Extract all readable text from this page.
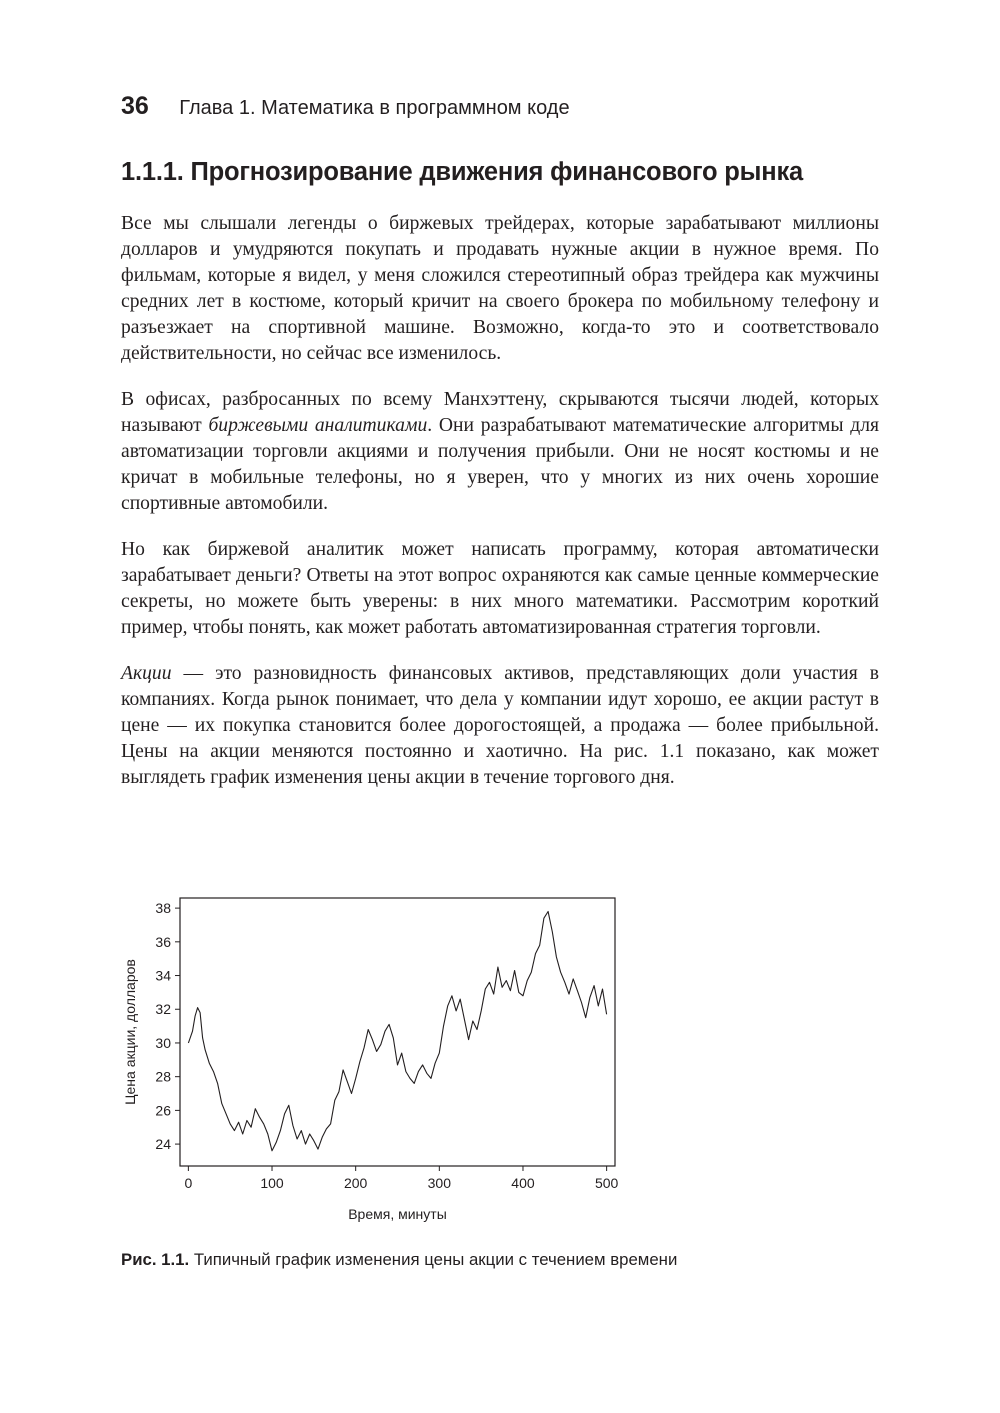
36 Глава 1. Математика в программном коде
1.1.1. Прогнозирование движения финансового рынка

Все мы слышали легенды о биржевых трейдерах, которые зарабатывают миллионы долларов и умудряются покупать и продавать нужные акции в нужное время. По фильмам, которые я видел, у меня сложился стереотипный образ трейдера как мужчины средних лет в костюме, который кричит на своего брокера по мобильному телефону и разъезжает на спортивной машине. Возможно, когда-то это и соответствовало действительности, но сейчас все изменилось.

В офисах, разбросанных по всему Манхэттену, скрываются тысячи людей, которых называют биржевыми аналитиками. Они разрабатывают математические алгоритмы для автоматизации торговли акциями и получения прибыли. Они не носят костюмы и не кричат в мобильные телефоны, но я уверен, что у многих из них очень хорошие спортивные автомобили.

Но как биржевой аналитик может написать программу, которая автоматически зарабатывает деньги? Ответы на этот вопрос охраняются как самые ценные коммерческие секреты, но можете быть уверены: в них много математики. Рассмотрим короткий пример, чтобы понять, как может работать автоматизированная стратегия торговли.

Акции — это разновидность финансовых активов, представляющих доли участия в компаниях. Когда рынок понимает, что дела у компании идут хорошо, ее акции растут в цене — их покупка становится более дорогостоящей, а продажа — более прибыльной. Цены на акции меняются постоянно и хаотично. На рис. 1.1 показано, как может выглядеть график изменения цены акции в течение торгового дня.

0	100	200	300	400	500
24
26
28
30
32
34
36
38
Время, минуты
Цена акции, долларов
Рис. 1.1. Типичный график изменения цены акции с течением времени
